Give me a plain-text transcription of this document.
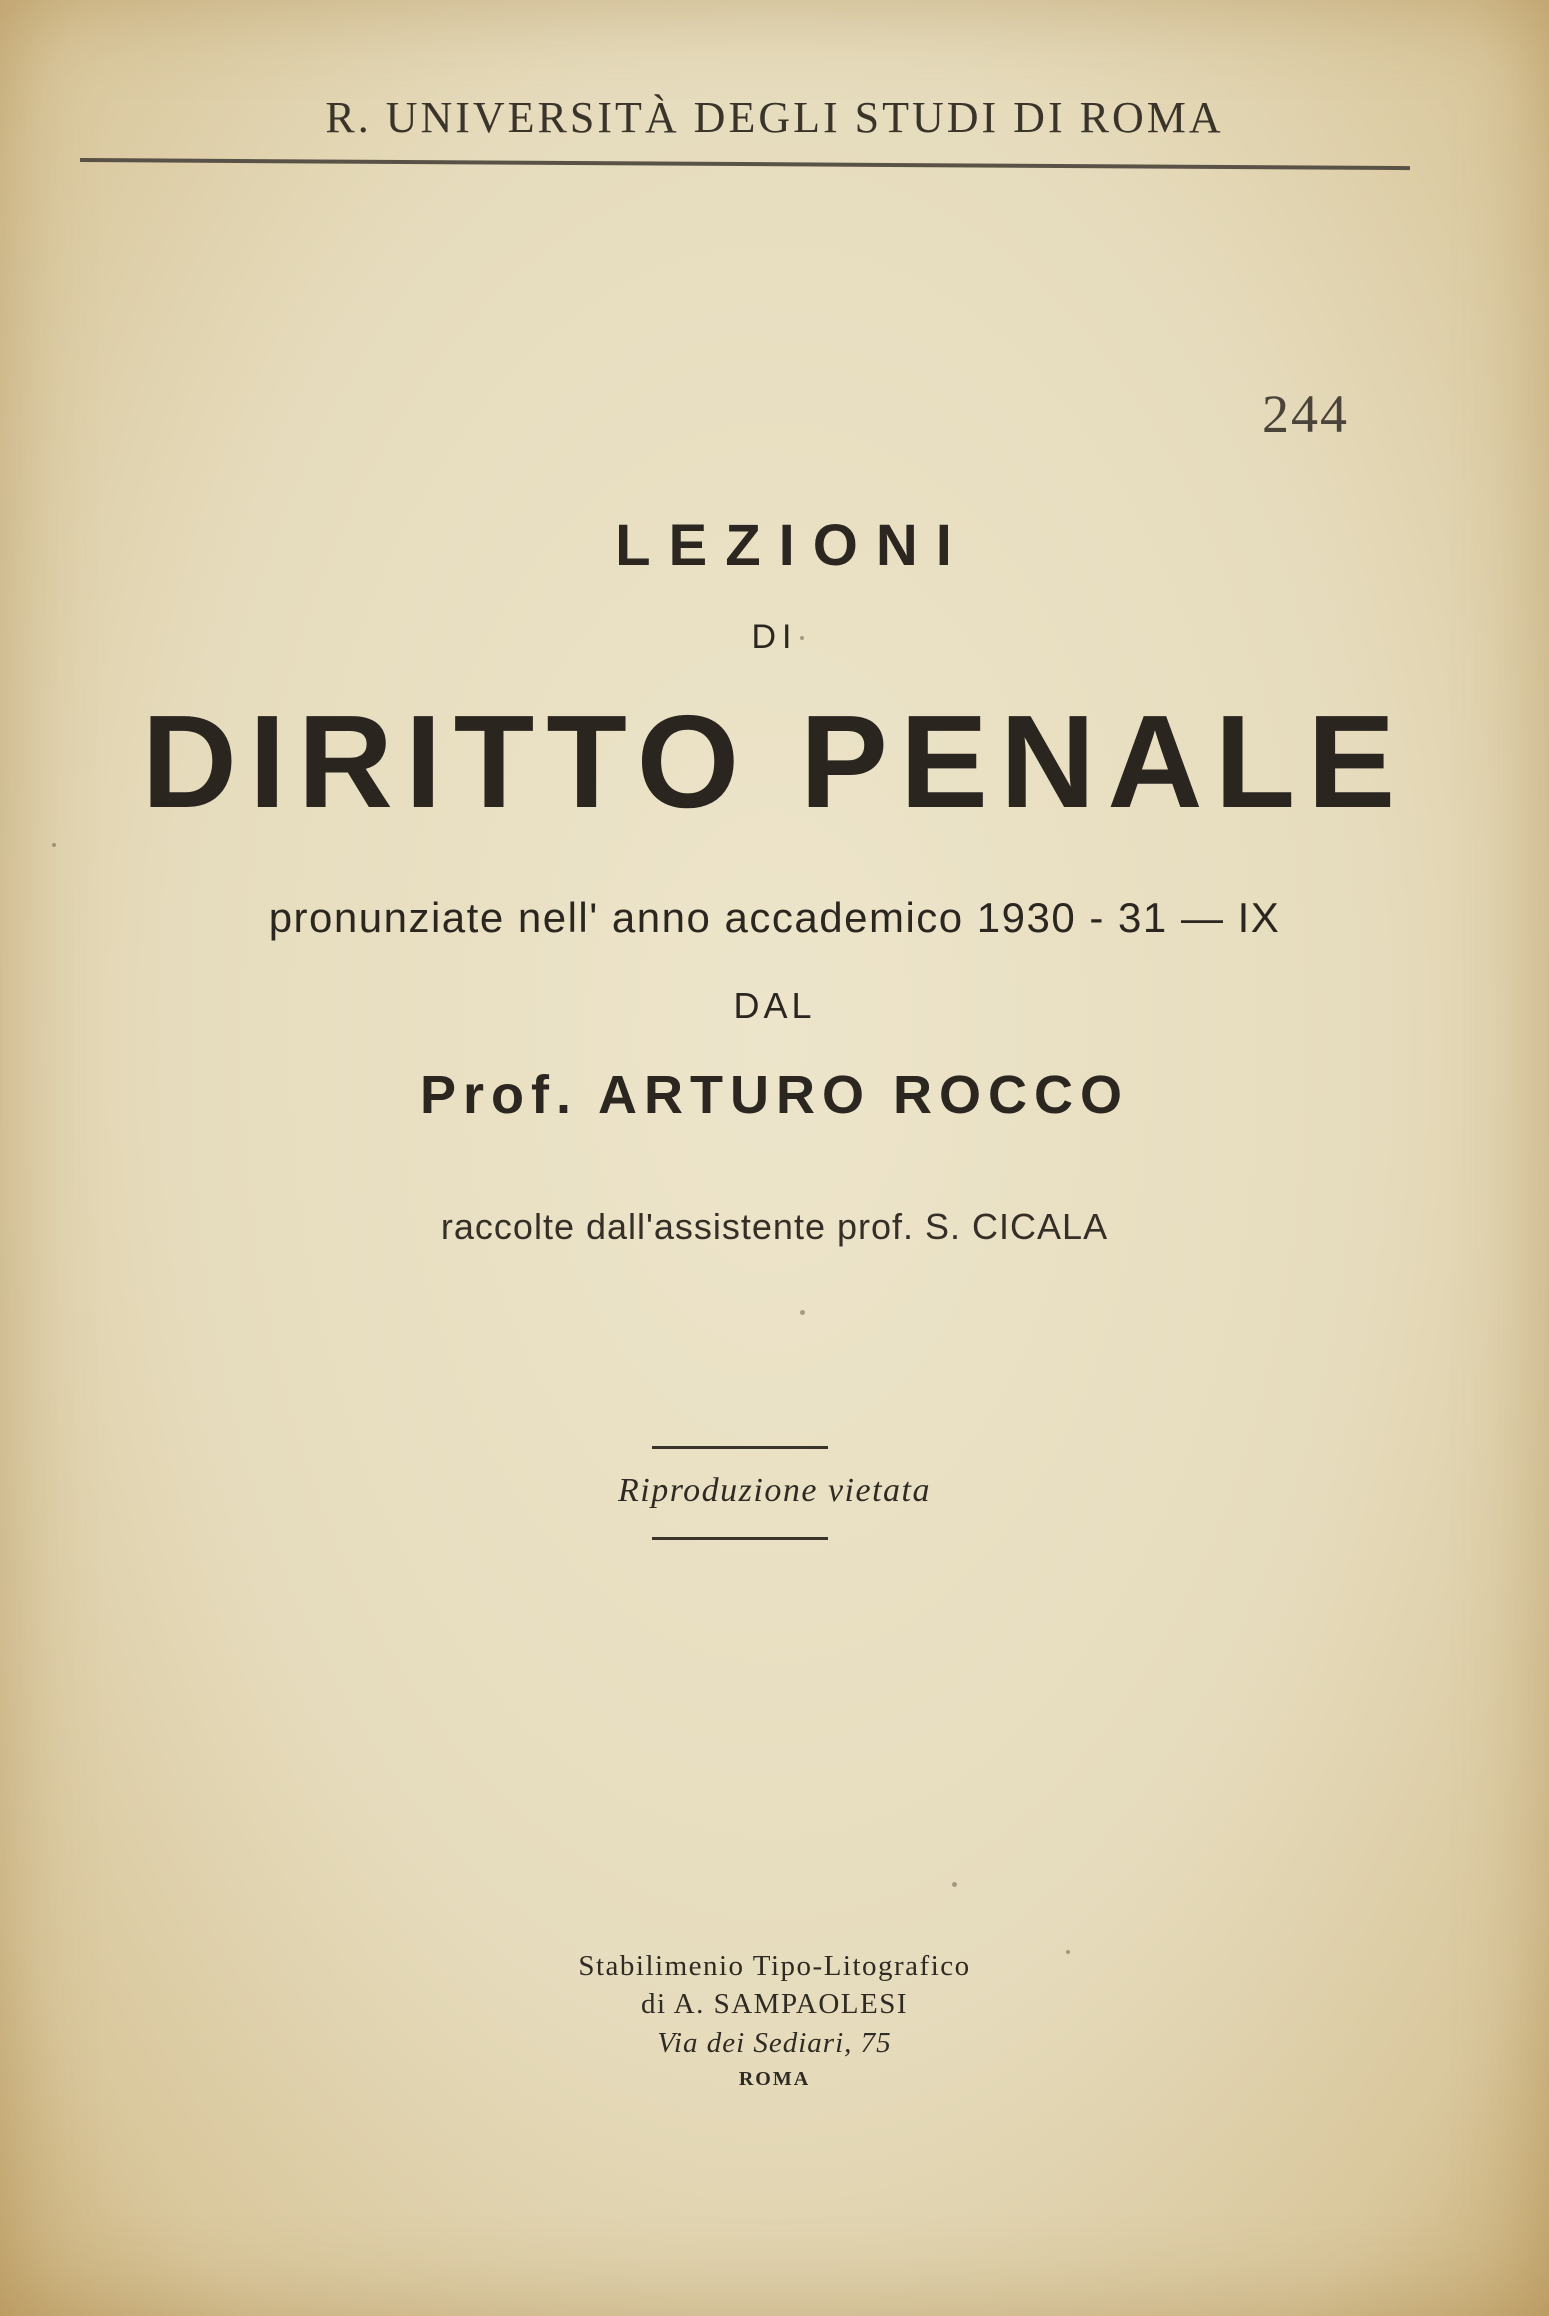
R. UNIVERSITÀ DEGLI STUDI DI ROMA
244
LEZIONI
DI
DIRITTO PENALE
pronunziate nell' anno accademico 1930 - 31 — IX
DAL
Prof. ARTURO ROCCO
raccolte dall'assistente prof. S. CICALA
Riproduzione vietata
Stabilimenio Tipo-Litografico
di A. SAMPAOLESI
Via dei Sediari, 75
ROMA
